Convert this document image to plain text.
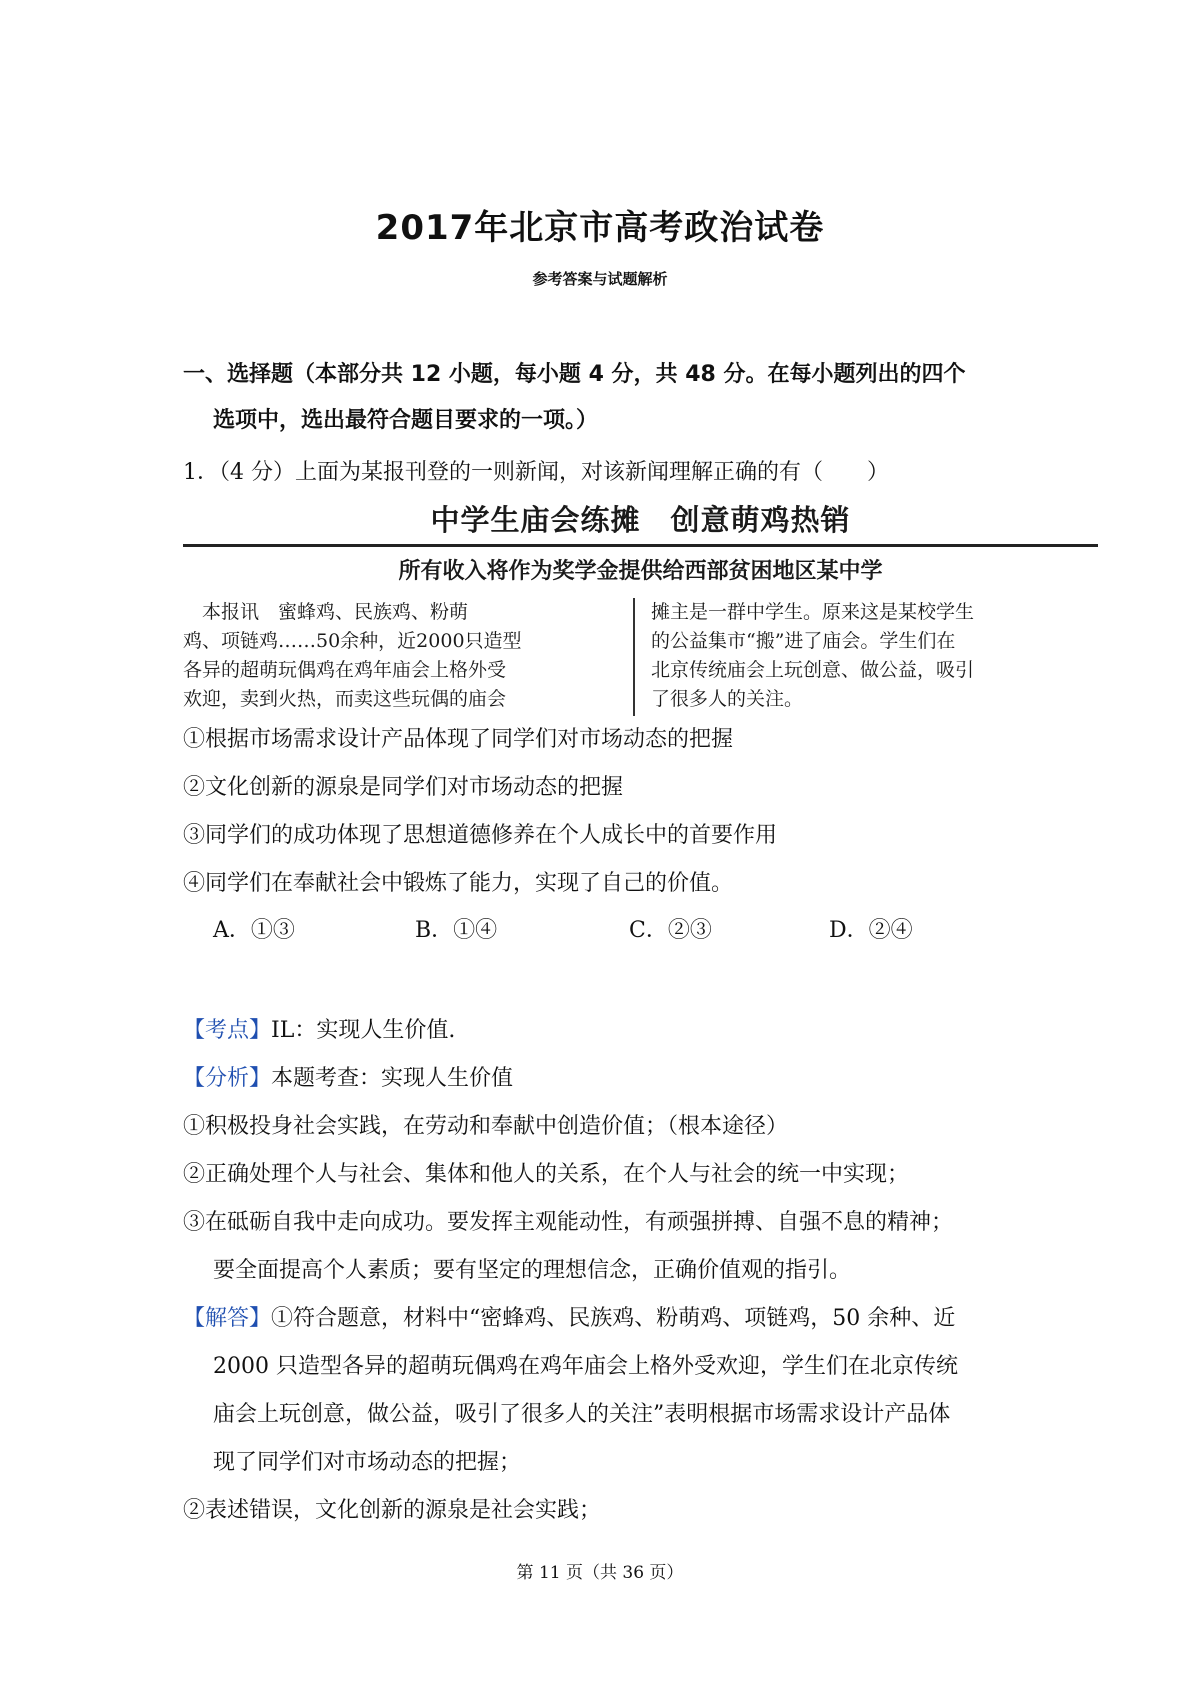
2017年北京市高考政治试卷
参考答案与试题解析
一、选择题（本部分共 12 小题，每小题 4 分，共 48 分。在每小题列出的四个
选项中，选出最符合题目要求的一项。）
1．（4 分）上面为某报刊登的一则新闻，对该新闻理解正确的有（　　）
中学生庙会练摊　创意萌鸡热销
所有收入将作为奖学金提供给西部贫困地区某中学
　本报讯　蜜蜂鸡、民族鸡、粉萌
鸡、项链鸡……50余种，近2000只造型
各异的超萌玩偶鸡在鸡年庙会上格外受
欢迎，卖到火热，而卖这些玩偶的庙会
摊主是一群中学生。原来这是某校学生
的公益集市“搬”进了庙会。学生们在
北京传统庙会上玩创意、做公益，吸引
了很多人的关注。
①根据市场需求设计产品体现了同学们对市场动态的把握
②文化创新的源泉是同学们对市场动态的把握
③同学们的成功体现了思想道德修养在个人成长中的首要作用
④同学们在奉献社会中锻炼了能力，实现了自己的价值。
A．①③	B．①④	C．②③	D．②④
【考点】IL：实现人生价值.
【分析】本题考查：实现人生价值
①积极投身社会实践，在劳动和奉献中创造价值；（根本途径）
②正确处理个人与社会、集体和他人的关系，在个人与社会的统一中实现；
③在砥砺自我中走向成功。要发挥主观能动性，有顽强拼搏、自强不息的精神；
要全面提高个人素质；要有坚定的理想信念，正确价值观的指引。
【解答】①符合题意，材料中“密蜂鸡、民族鸡、粉萌鸡、项链鸡，50 余种、近
2000 只造型各异的超萌玩偶鸡在鸡年庙会上格外受欢迎，学生们在北京传统
庙会上玩创意，做公益，吸引了很多人的关注”表明根据市场需求设计产品体
现了同学们对市场动态的把握；
②表述错误，文化创新的源泉是社会实践；
第 11 页（共 36 页）
